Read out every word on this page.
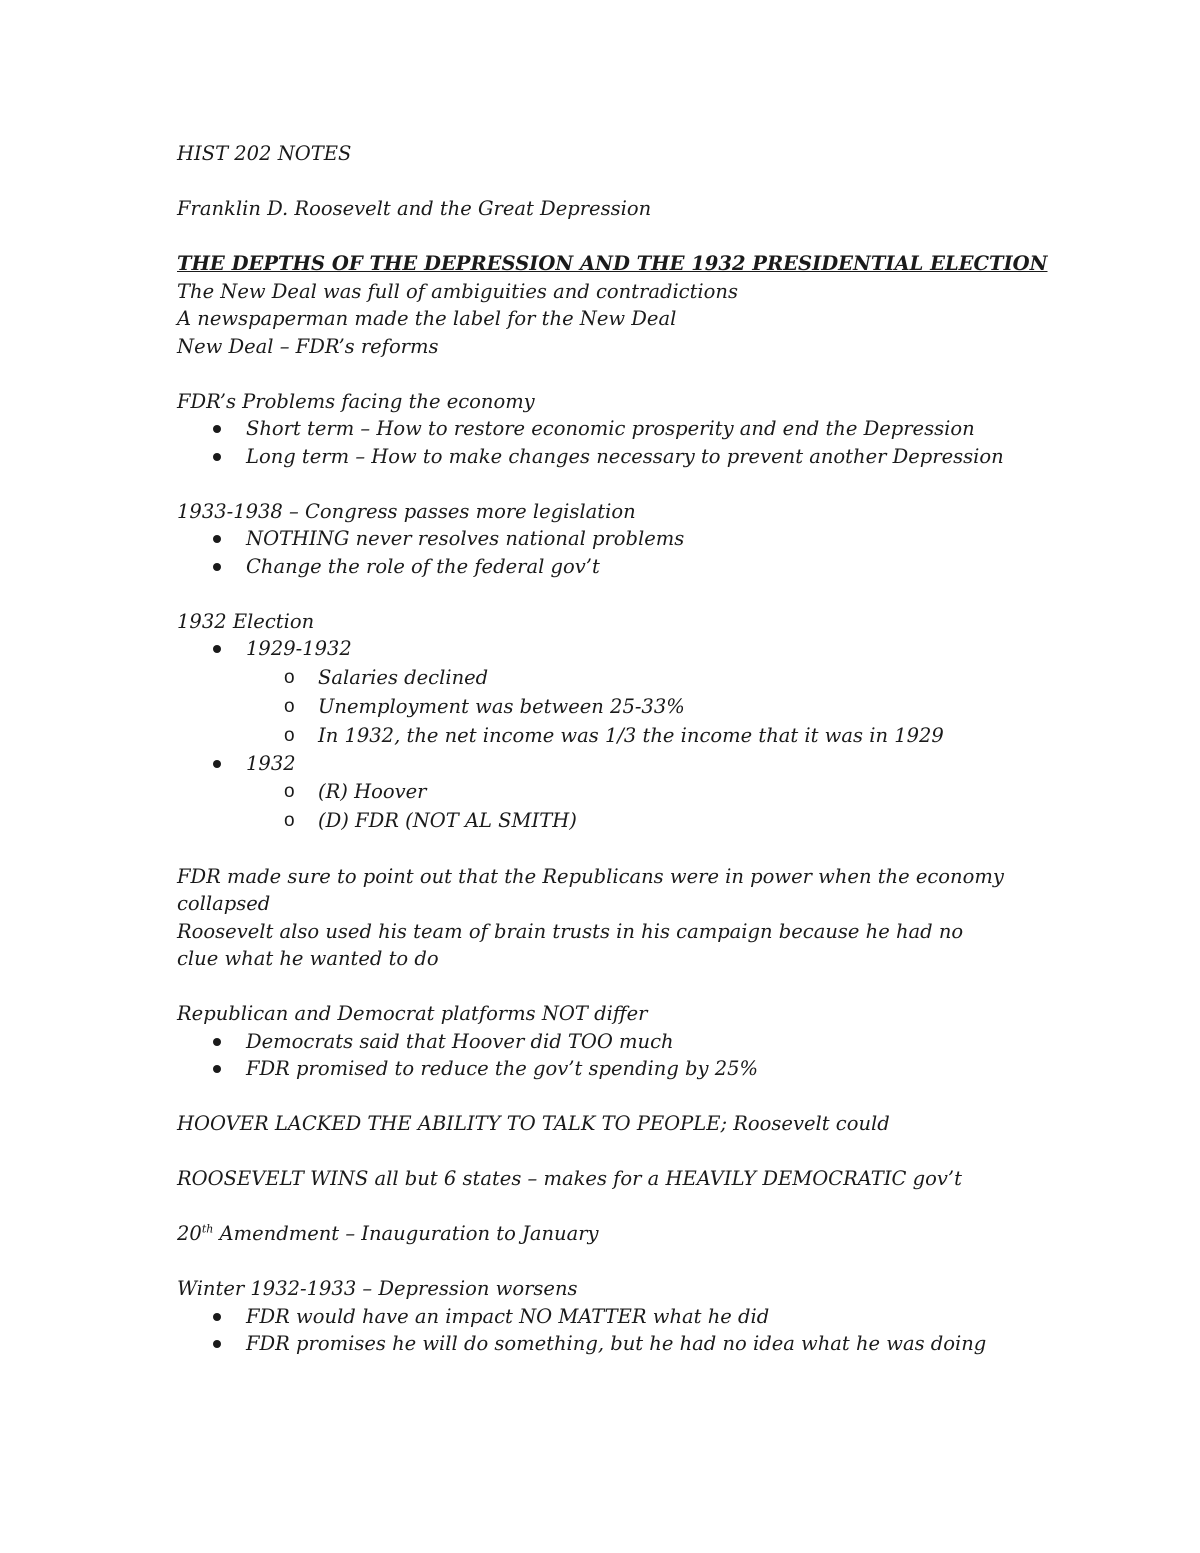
HIST 202 NOTES
Franklin D. Roosevelt and the Great Depression
THE DEPTHS OF THE DEPRESSION AND THE 1932 PRESIDENTIAL ELECTION
The New Deal was full of ambiguities and contradictions
A newspaperman made the label for the New Deal
New Deal – FDR’s reforms
FDR’s Problems facing the economy
Short term – How to restore economic prosperity and end the Depression
Long term – How to make changes necessary to prevent another Depression
1933-1938 – Congress passes more legislation
NOTHING never resolves national problems
Change the role of the federal gov’t
1932 Election
1929-1932
o Salaries declined
o Unemployment was between 25-33%
o In 1932, the net income was 1/3 the income that it was in 1929
1932
o (R) Hoover
o (D) FDR (NOT AL SMITH)
FDR made sure to point out that the Republicans were in power when the economy collapsed
Roosevelt also used his team of brain trusts in his campaign because he had no clue what he wanted to do
Republican and Democrat platforms NOT differ
Democrats said that Hoover did TOO much
FDR promised to reduce the gov’t spending by 25%
HOOVER LACKED THE ABILITY TO TALK TO PEOPLE; Roosevelt could
ROOSEVELT WINS all but 6 states – makes for a HEAVILY DEMOCRATIC gov’t
20th Amendment – Inauguration to January
Winter 1932-1933 – Depression worsens
FDR would have an impact NO MATTER what he did
FDR promises he will do something, but he had no idea what he was doing
